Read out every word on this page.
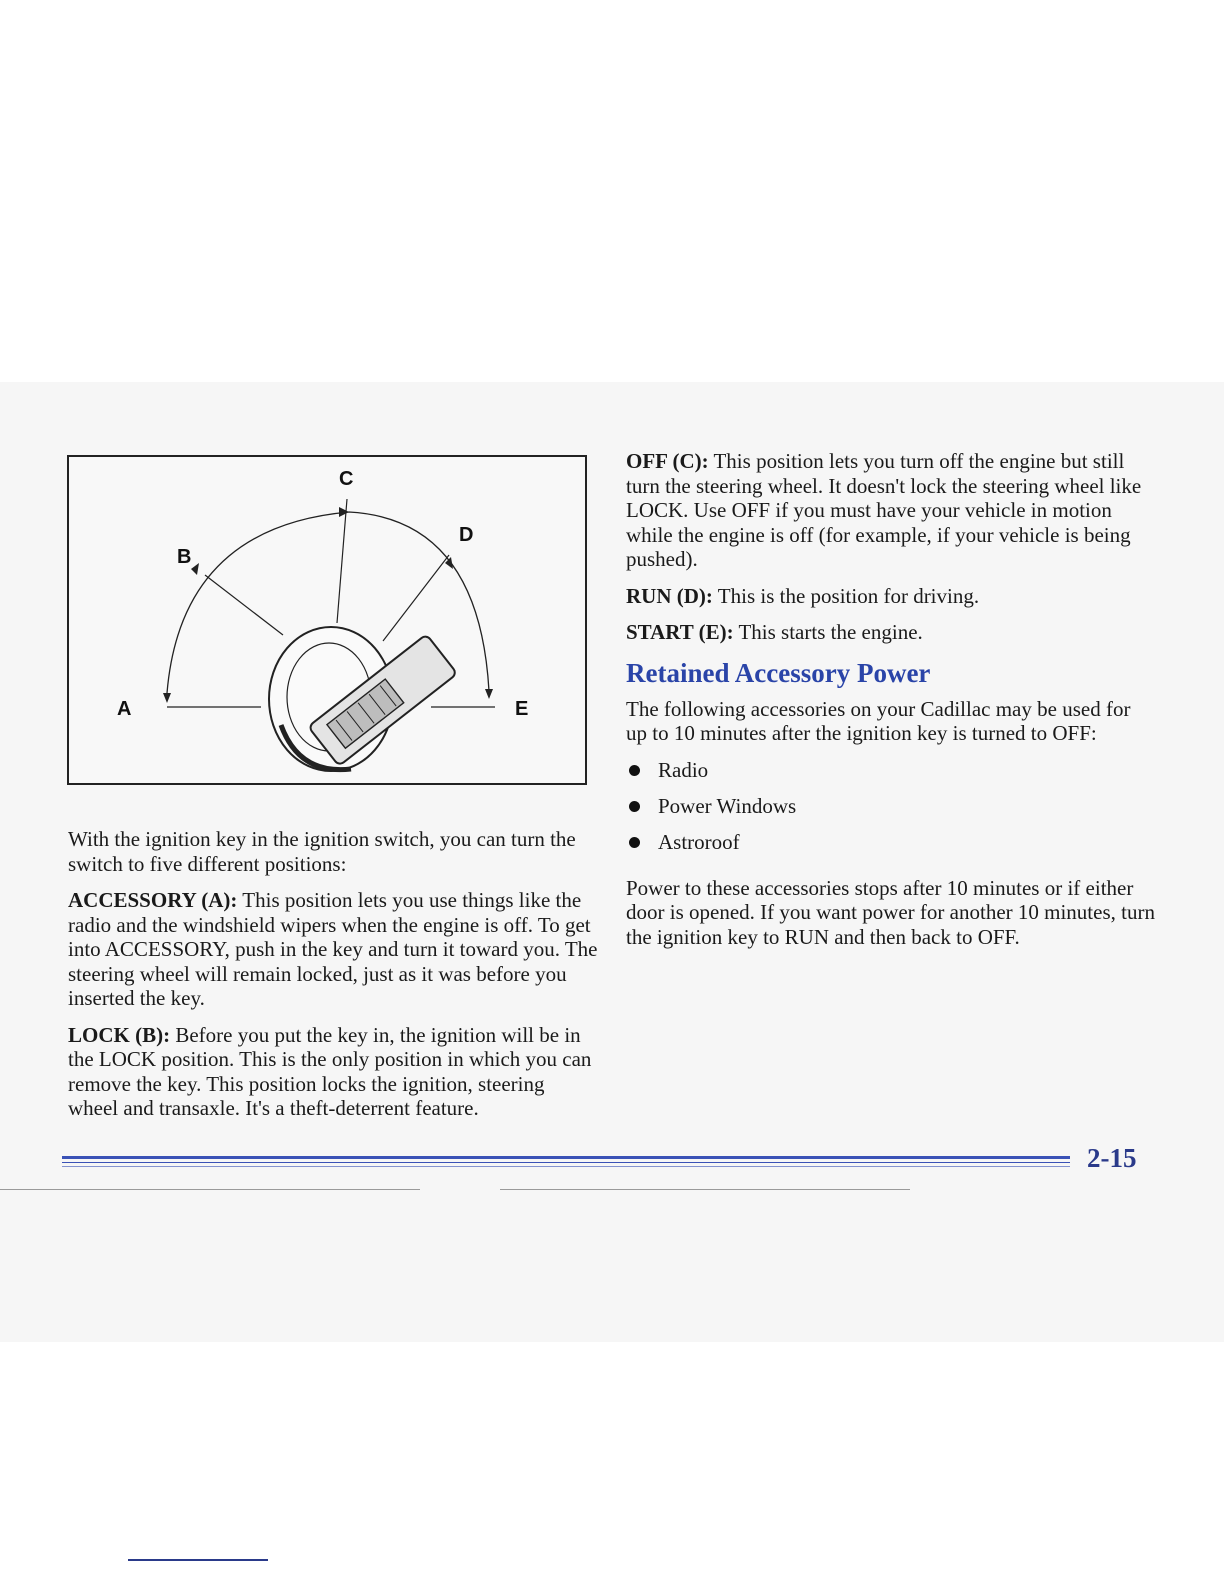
A
B
C
D
E

With the ignition key in the ignition switch, you can turn the switch to five different positions:

ACCESSORY (A): This position lets you use things like the radio and the windshield wipers when the engine is off. To get into ACCESSORY, push in the key and turn it toward you. The steering wheel will remain locked, just as it was before you inserted the key.

LOCK (B): Before you put the key in, the ignition will be in the LOCK position. This is the only position in which you can remove the key. This position locks the ignition, steering wheel and transaxle. It's a theft-deterrent feature.

OFF (C): This position lets you turn off the engine but still turn the steering wheel. It doesn't lock the steering wheel like LOCK. Use OFF if you must have your vehicle in motion while the engine is off (for example, if your vehicle is being pushed).

RUN (D): This is the position for driving.

START (E): This starts the engine.

Retained Accessory Power

The following accessories on your Cadillac may be used for up to 10 minutes after the ignition key is turned to OFF:

Radio
Power Windows
Astroroof

Power to these accessories stops after 10 minutes or if either door is opened. If you want power for another 10 minutes, turn the ignition key to RUN and then back to OFF.

2-15
